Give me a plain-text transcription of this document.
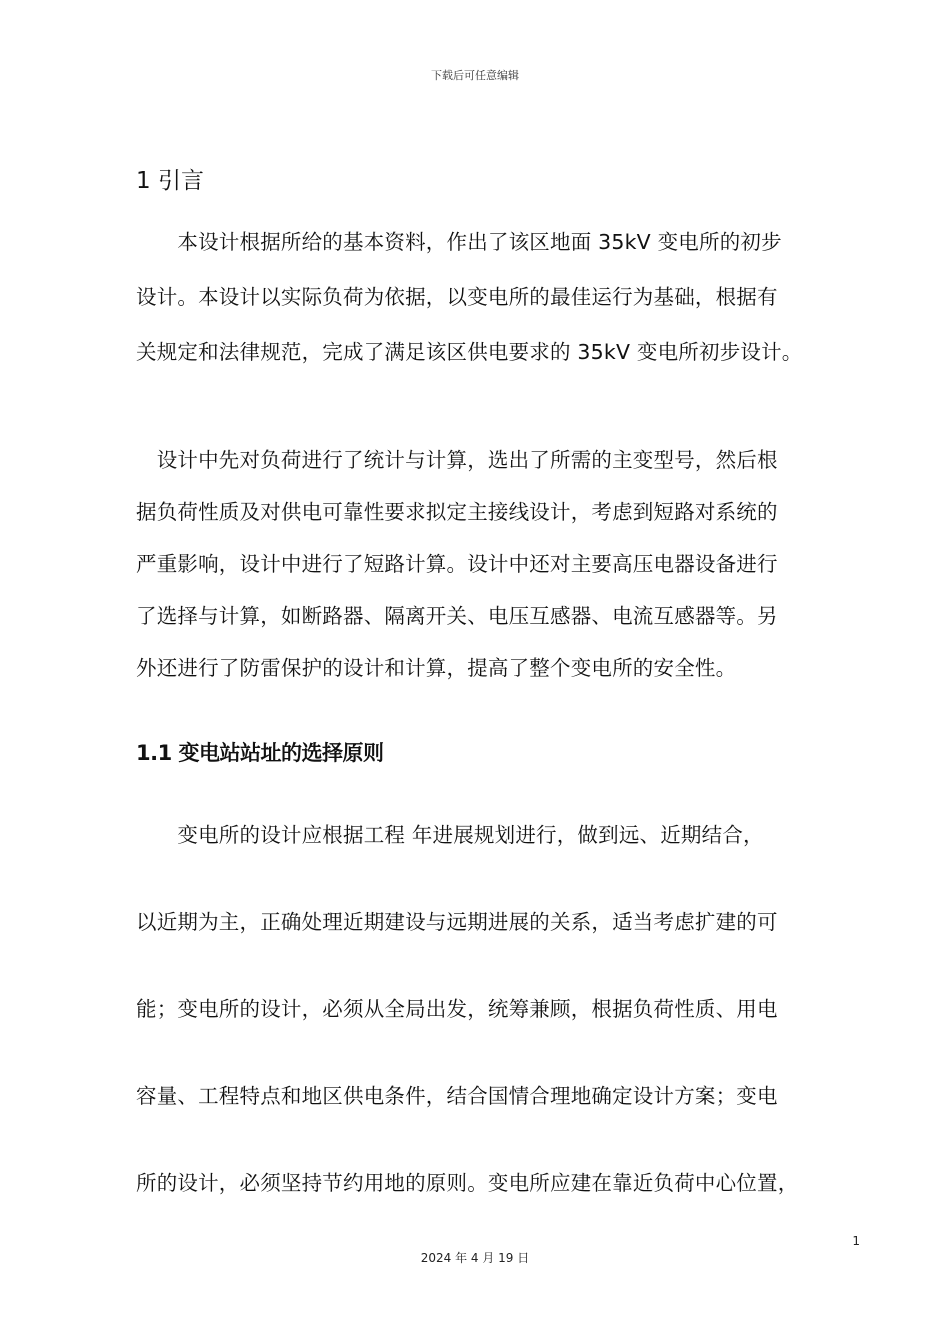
下载后可任意编辑
1 引言
　　本设计根据所给的基本资料，作出了该区地面 35kV 变电所的初步
设计。本设计以实际负荷为依据，以变电所的最佳运行为基础，根据有
关规定和法律规范，完成了满足该区供电要求的 35kV 变电所初步设计。
　设计中先对负荷进行了统计与计算，选出了所需的主变型号，然后根
据负荷性质及对供电可靠性要求拟定主接线设计，考虑到短路对系统的
严重影响，设计中进行了短路计算。设计中还对主要高压电器设备进行
了选择与计算，如断路器、隔离开关、电压互感器、电流互感器等。另
外还进行了防雷保护的设计和计算，提高了整个变电所的安全性。
1.1 变电站站址的选择原则
　　变电所的设计应根据工程 年进展规划进行，做到远、近期结合，
以近期为主，正确处理近期建设与远期进展的关系，适当考虑扩建的可
能；变电所的设计，必须从全局出发，统筹兼顾，根据负荷性质、用电
容量、工程特点和地区供电条件，结合国情合理地确定设计方案；变电
所的设计，必须坚持节约用地的原则。变电所应建在靠近负荷中心位置，
1
2024 年 4 月 19 日
